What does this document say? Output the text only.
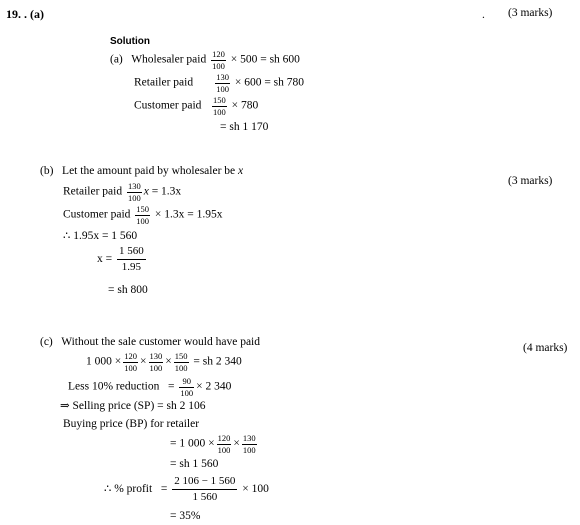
19. . (a)	. (3 marks)
Solution
(a) Wholesaler paid $\frac{120}{100} \times 500$ = sh 600
Retailer paid	$\frac{130}{100} \times 600$ = sh 780
Customer paid $\frac{150}{100} \times 780$
= sh 1 170
(b) Let the amount paid by wholesaler be x
(3 marks)
Retailer paid $\frac{130}{100}$ x = 1.3x
Customer paid $\frac{150}{100} \times 1.3x = 1.95x$
∴ 1.95x = 1 560
$x = \frac{1 560}{1.95}$
= sh 800
(c) Without the sale customer would have paid	(4 marks)
1 $000 \times \frac{120}{100} \times \frac{130}{100} \times \frac{150}{100}$ = sh 2 340
Less 10% reduction = $\frac{90}{100} \times 2$ 340
⇒ Selling price (SP) = sh 2 106
Buying price (BP) for retailer
= 1 $000 \times \frac{120}{100} \times \frac{130}{100}$
= sh 1 560
∴ % profit = $\frac{2 106 - 1 560}{1 560} \times 100$
= 35%
